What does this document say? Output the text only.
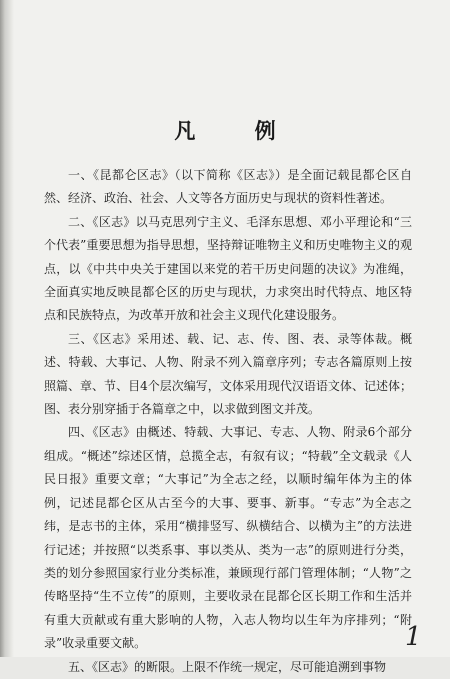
凡 例

一、《昆都仑区志》（以下简称《区志》）是全面记载昆都仑区自然、经济、政治、社会、人文等各方面历史与现状的资料性著述。

二、《区志》以马克思列宁主义、毛泽东思想、邓小平理论和“三个代表”重要思想为指导思想，坚持辩证唯物主义和历史唯物主义的观点，以《中共中央关于建国以来党的若干历史问题的决议》为准绳，全面真实地反映昆都仑区的历史与现状，力求突出时代特点、地区特点和民族特点，为改革开放和社会主义现代化建设服务。

三、《区志》采用述、载、记、志、传、图、表、录等体裁。概述、特载、大事记、人物、附录不列入篇章序列；专志各篇原则上按照篇、章、节、目4个层次编写，文体采用现代汉语语文体、记述体；图、表分别穿插于各篇章之中，以求做到图文并茂。

四、《区志》由概述、特载、大事记、专志、人物、附录6个部分组成。“概述”综述区情，总揽全志，有叙有议；“特载”全文载录《人民日报》重要文章；“大事记”为全志之经，以顺时编年体为主的体例，记述昆都仑区从古至今的大事、要事、新事。“专志”为全志之纬，是志书的主体，采用“横排竖写、纵横结合、以横为主”的方法进行记述；并按照“以类系事、事以类从、类为一志”的原则进行分类，类的划分参照国家行业分类标准，兼顾现行部门管理体制；“人物”之传略坚持“生不立传”的原则，主要收录在昆都仑区长期工作和生活并有重大贡献或有重大影响的人物，入志人物均以生年为序排列；“附录”收录重要文献。

五、《区志》的断限。上限不作统一规定，尽可能追溯到事物

1
